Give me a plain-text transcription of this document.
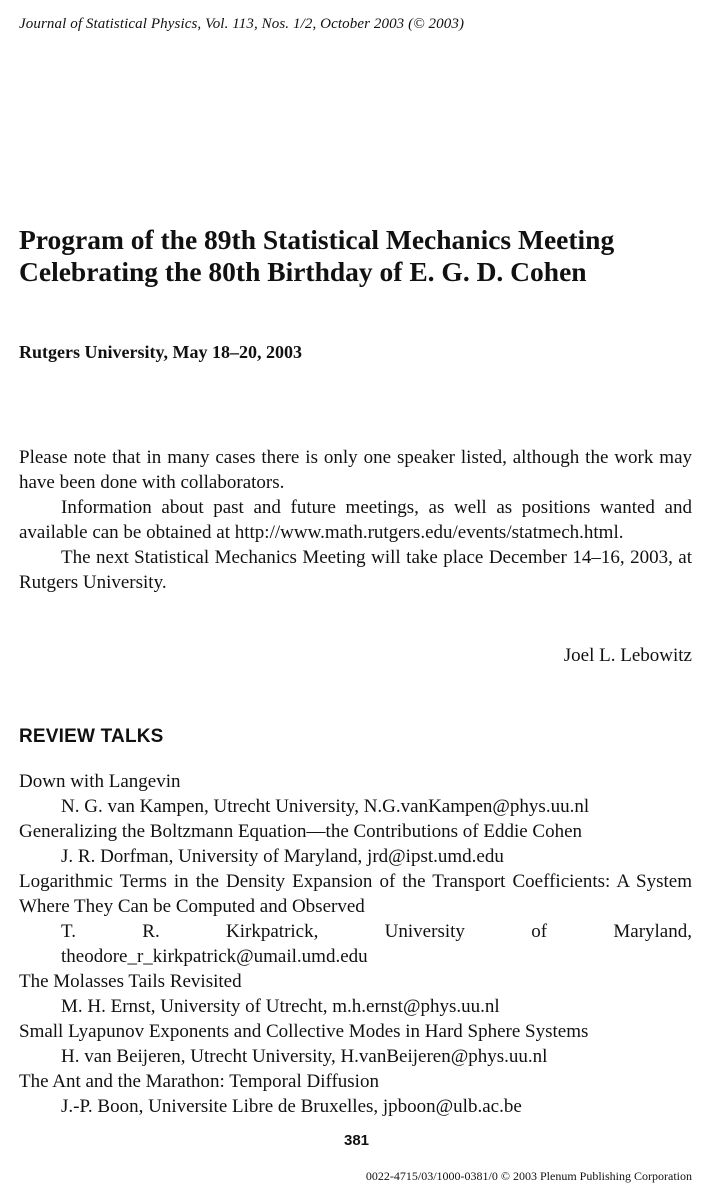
Journal of Statistical Physics, Vol. 113, Nos. 1/2, October 2003 (© 2003)
Program of the 89th Statistical Mechanics Meeting
Celebrating the 80th Birthday of E. G. D. Cohen
Rutgers University, May 18–20, 2003

Please note that in many cases there is only one speaker listed, although the work may have been done with collaborators.

Information about past and future meetings, as well as positions wanted and available can be obtained at http://www.math.rutgers.edu/events/statmech.html.

The next Statistical Mechanics Meeting will take place December 14–16, 2003, at Rutgers University.

Joel L. Lebowitz
REVIEW TALKS
Down with Langevin
N. G. van Kampen, Utrecht University, N.G.vanKampen@phys.uu.nl
Generalizing the Boltzmann Equation—the Contributions of Eddie Cohen
J. R. Dorfman, University of Maryland, jrd@ipst.umd.edu
Logarithmic Terms in the Density Expansion of the Transport Coefficients: A System Where They Can be Computed and Observed
T. R. Kirkpatrick, University of Maryland, theodore_r_kirkpatrick@umail.umd.edu
The Molasses Tails Revisited
M. H. Ernst, University of Utrecht, m.h.ernst@phys.uu.nl
Small Lyapunov Exponents and Collective Modes in Hard Sphere Systems
H. van Beijeren, Utrecht University, H.vanBeijeren@phys.uu.nl
The Ant and the Marathon: Temporal Diffusion
J.-P. Boon, Universite Libre de Bruxelles, jpboon@ulb.ac.be
381
0022-4715/03/1000-0381/0 © 2003 Plenum Publishing Corporation
